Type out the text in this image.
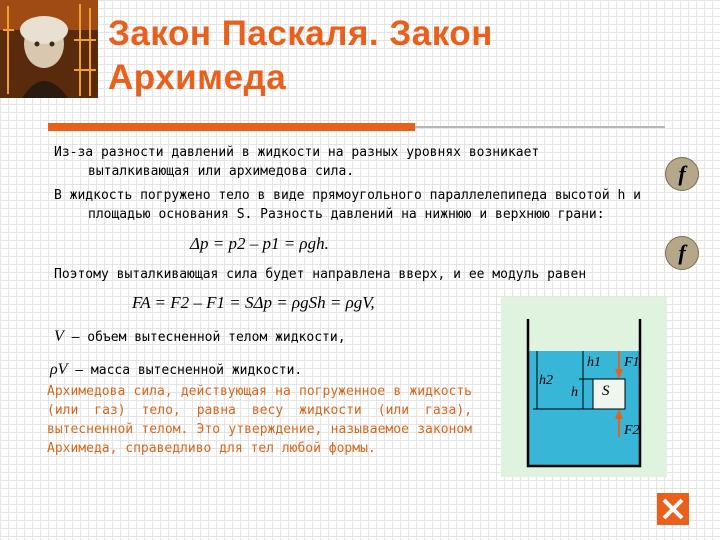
Закон Паскаля. Закон
Архимеда
Из-за разности давлений в жидкости на разных уровнях возникает
выталкивающая или архимедова сила.
В жидкость погружено тело в виде прямоугольного параллелепипеда высотой h и
площадью основания S. Разность давлений на нижнюю и верхнюю грани:
Δp = p2 – p1 = ρgh.
Поэтому выталкивающая сила будет направлена вверх, и ее модуль равен
FA = F2 – F1 = SΔp = ρgSh = ρgV,
V – объем вытесненной телом жидкости,
ρV – масса вытесненной жидкости.
Архимедова сила, действующая на погруженное в жидкость (или газ) тело, равна весу жидкости (или газа), вытесненной телом. Это утверждение, называемое законом Архимеда, справедливо для тел любой формы.
f
f
h2
h1
h S
F1
F2
